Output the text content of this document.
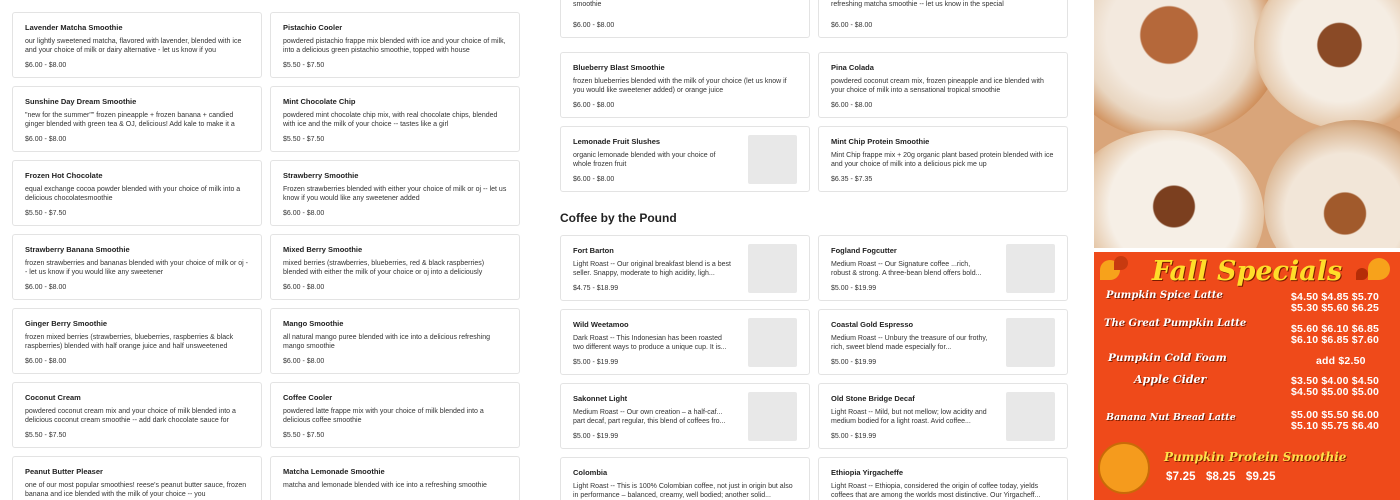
Coffee by the Pound
Fall Specials
Pumpkin Spice Latte	$4.50 $4.85 $5.70
$5.30 $5.60 $6.25
The Great Pumpkin Latte	$5.60 $6.10 $6.85
$6.10 $6.85 $7.60
Pumpkin Cold Foam	add $2.50
Apple Cider	$3.50 $4.00 $4.50
$4.50 $5.00 $5.00
Banana Nut Bread Latte	$5.00 $5.50 $6.00
$5.10 $5.75 $6.40
Pumpkin Protein Smoothie
$7.25   $8.25   $9.25
Lavender Matcha Smoothie
our lightly sweetened matcha, flavored with lavender, blended with ice and your choice of milk or dairy alternative - let us know if you
$6.00 - $8.00
Sunshine Day Dream Smoothie
"new for the summer"" frozen pineapple + frozen banana + candied ginger blended with green tea & OJ, delicious! Add kale to make it a
$6.00 - $8.00
Frozen Hot Chocolate
equal exchange cocoa powder blended with your choice of milk into a delicious chocolatesmoothie
$5.50 - $7.50
Strawberry Banana Smoothie
frozen strawberries and bananas blended with your choice of milk or oj -- let us know if you would like any sweetener
$6.00 - $8.00
Ginger Berry Smoothie
frozen mixed berries (strawberries, blueberries, raspberries & black raspberries) blended with half orange juice and half unsweetened
$6.00 - $8.00
Coconut Cream
powdered coconut cream mix and your choice of milk blended into a delicious coconut cream smoothie -- add dark chocolate sauce for
$5.50 - $7.50
Peanut Butter Pleaser
one of our most popular smoothies! reese's peanut butter sauce, frozen banana and ice blended with the milk of your choice -- you
Pistachio Cooler
powdered pistachio frappe mix blended with ice and your choice of milk, into a delicious green pistachio smoothie, topped with house
$5.50 - $7.50
Mint Chocolate Chip
powdered mint chocolate chip mix, with real chocolate chips, blended with ice and the milk of your choice -- tastes like a girl
$5.50 - $7.50
Strawberry Smoothie
Frozen strawberries blended with either your choice of milk or oj -- let us know if you would like any sweetener added
$6.00 - $8.00
Mixed Berry Smoothie
mixed berries (strawberries, blueberries, red & black raspberries) blended with either the milk of your choice or oj into a deliciously
$6.00 - $8.00
Mango Smoothie
all natural mango puree blended with ice into a delicious refreshing mango smoothie
$6.00 - $8.00
Coffee Cooler
powdered latte frappe mix with your choice of milk blended into a delicious coffee smoothie
$5.50 - $7.50
Matcha Lemonade Smoothie
matcha and lemonade blended with ice into a refreshing smoothie
smoothie
$6.00 - $8.00
Blueberry Blast Smoothie
frozen blueberries blended with the milk of your choice (let us know if you would like sweetener added) or orange juice
$6.00 - $8.00
Lemonade Fruit Slushes
organic lemonade blended with your choice of whole frozen fruit
$6.00 - $8.00
refreshing matcha smoothie -- let us know in the special
$6.00 - $8.00
Pina Colada
powdered coconut cream mix, frozen pineapple and ice blended with your choice of milk into a sensational tropical smoothie
$6.00 - $8.00
Mint Chip Protein Smoothie
Mint Chip frappe mix + 20g organic plant based protein blended with ice and your choice of milk into a delicious pick me up
$6.35 - $7.35
Fort Barton
Light Roast -- Our original breakfast blend is a best seller. Snappy, moderate to high acidity, ligh...
$4.75 - $18.99
Wild Weetamoo
Dark Roast -- This Indonesian has been roasted two different ways to produce a unique cup. It is...
$5.00 - $19.99
Sakonnet Light
Medium Roast -- Our own creation – a half-caf... part decaf, part regular, this blend of coffees fro...
$5.00 - $19.99
Colombia
Light Roast -- This is 100% Colombian coffee, not just in origin but also in performance – balanced, creamy, well bodied; another solid...
Fogland Fogcutter
Medium Roast -- Our Signature coffee ...rich, robust & strong. A three-bean blend offers bold...
$5.00 - $19.99
Coastal Gold Espresso
Medium Roast -- Unbury the treasure of our frothy, rich, sweet blend made especially for...
$5.00 - $19.99
Old Stone Bridge Decaf
Light Roast -- Mild, but not mellow; low acidity and medium bodied for a light roast. Avid coffee...
$5.00 - $19.99
Ethiopia Yirgacheffe
Light Roast -- Ethiopia, considered the origin of coffee today, yields coffees that are among the worlds most distinctive. Our Yirgacheff...
